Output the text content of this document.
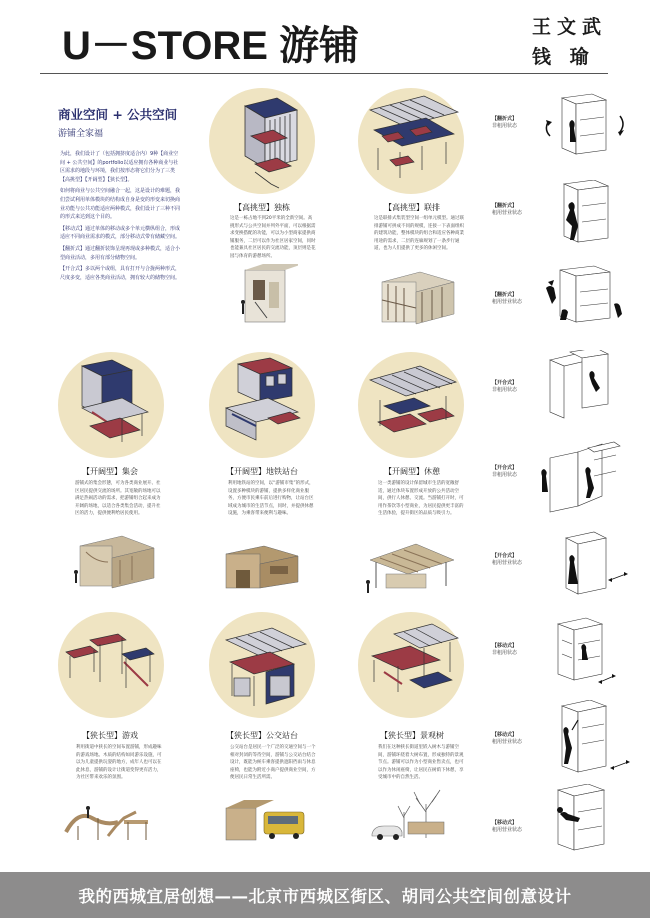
U－STORE 游铺	王文武
钱 瑜
商业空间 + 公共空间
游铺全家福

为此，我们设计了（包括拥挤度适合内）9种【商业空间 + 公共空间】的portfolio以适应拥有各种商业与社区需求的地段与环境，我们按形态将它们分为了三类【高挑型】【开阔型】【狭长型】。

如何将商业与公共空间融合一起，这是设计的难题，我们尝试利用单体模块的结构成自身是变的形变来切换商业功能与公共功能适应两种模式，我们设计了三种不同的形式来达到这个目的。

【移动式】通过单体的移动或多个单元横纵组合，形成适应不同商业需求的模式，部分移动式带有储藏空间。

【翻折式】通过翻折装饰呈现再现或多种模式，适合小型商业活动，多用有部分储物空间。

【开合式】多以两个或组，具有打开与合拢两种形式，尺度多变，适应各类商业活动，拥有较大的储物空间。

【高挑型】独栋
这是一栋占地不到20平米的全新空间。高挑形式与公共空间并列外平面，可以根据需求变换搭配的功能，可以为小型商家提供商铺服务，二层可以作为社区居家空间，同时也能兼具社区居民的交流功能，顶层则是花园与体育的游憩场所。
【高挑型】联排
这是联排式集装型空间一组单元模型。通过联排游铺可拼成不同的规模，连接一下表面组织的建筑功能，整体模块的组合和适应各种商業用途的需求，二层的连廊规划了一条步行通道，也为人们提供了更多的休闲空间。
【开阔型】集会
游铺式的集会形態，可为各类商业展开、社区居民提供交流的场所。其宽敞的场地可以满足热闹活动的需求，把游铺组合起来成为开阔的场地，以适合各类集会活动，提升社区的活力，提供便利给居民使用。
【开阔型】地铁站台
利用地铁站的空间，以“游铺市集”的形式，设置多种模块的游铺，提供多样化商业服务，方便市民乘车前后进行购物，让站台区域成为城市的生活节点，同时，并提供休憩设施，为乘客带来便利与趣味。
【开阔型】休憩
这一类游铺的设计保留城市生活的宽敞舒适，通过体块布置形成开放的公共活动空间，供行人休憩、交流。当游铺打开时，可用作茶饮等小型商业，为居民提供更丰富的生活体验，提升街区的品质与吸引力。
【狭长型】游戏
利用街道中狭长的空间布置游铺，形成趣味的游戏场地。木质的结构如同游乐设施，可以为儿童提供玩耍的地方，成年人也可以在此休息，游铺的设计让街道变得更有活力，为社区带来欢乐的氛围。
【狭长型】公交站台
公交站台是居民一个广泛的交通空间与一个相对封闭的等待空间，游铺与公交站台结合设计，既能为候车乘客提供遮阳挡雨与休息座椅，也能为附近小商户提供商业空间，方便居民日常生活所需。
【狭长型】景观树
我们在这种狭长街道里嵌入树木与游铺空间，游铺环绕着大树布置，形成独特的景观节点。游铺可以作为小型商业售卖点，也可以作为休闲座椅，让居民在树荫下休憩，享受城市中的自然生活。
【翻折式】
非租用状态
【翻折式】
租用营业状态
【翻折式】
租用营业状态
【开合式】
非租用状态
【开合式】
非租用状态
【开合式】
租用营业状态
【移动式】
非租用状态
【移动式】
租用营业状态
【移动式】
租用营业状态
我的西城宜居创想——北京市西城区街区、胡同公共空间创意设计
